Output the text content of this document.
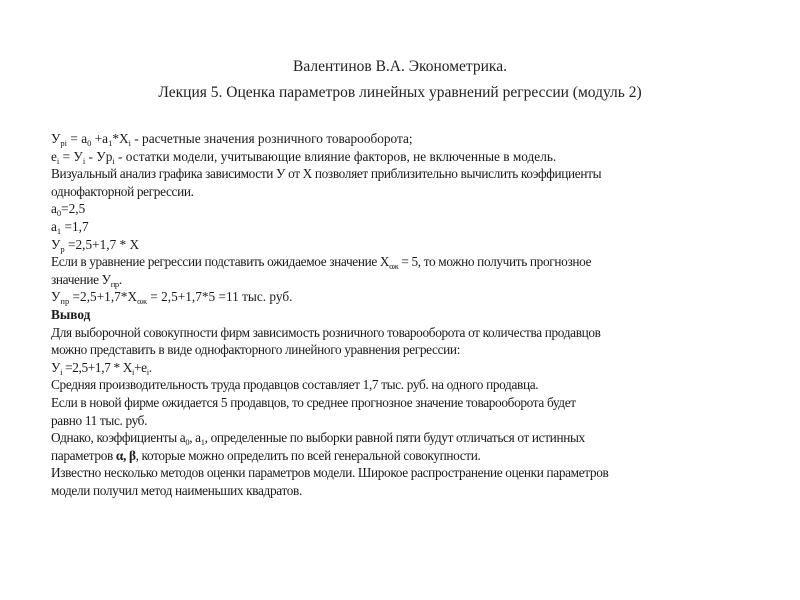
Валентинов В.А. Эконометрика.
Лекция 5. Оценка параметров линейных уравнений регрессии (модуль 2)
$У_{pi} = a_0 +a_1*X_i$ - расчетные значения розничного товарооборота;
$e_i = У_i - Уp_i$ - остатки модели, учитывающие влияние факторов, не включенные в модель.
Визуальный анализ графика зависимости У от X позволяет приблизительно вычислить коэффициенты
однофакторной регрессии.
$a_0=2,5$
$a_1 =1,7$
$У_р =2,5+1,7 * X$
Если в уравнение регрессии подставить ожидаемое значение $X_{ож} = 5$, то можно получить прогнозное
значение $У_{пр}$.
$У_{пр} =2,5+1,7*X_{ож} = 2,5+1,7*5 =11$ тыс. руб.
Вывод
Для выборочной совокупности фирм зависимость розничного товарооборота от количества продавцов
можно представить в виде однофакторного линейного уравнения регрессии:
$У_i =2,5+1,7 * X_i+e_i$.
Средняя производительность труда продавцов составляет 1,7 тыс. руб. на одного продавца.
Если в новой фирме ожидается 5 продавцов, то среднее прогнозное значение товарооборота будет
равно 11 тыс. руб.
Однако, коэффициенты $a_0$, $a_1$, определенные по выборки равной пяти будут отличаться от истинных
параметров α, β, которые можно определить по всей генеральной совокупности.
Известно несколько методов оценки параметров модели. Широкое распространение оценки параметров
модели получил метод наименьших квадратов.
